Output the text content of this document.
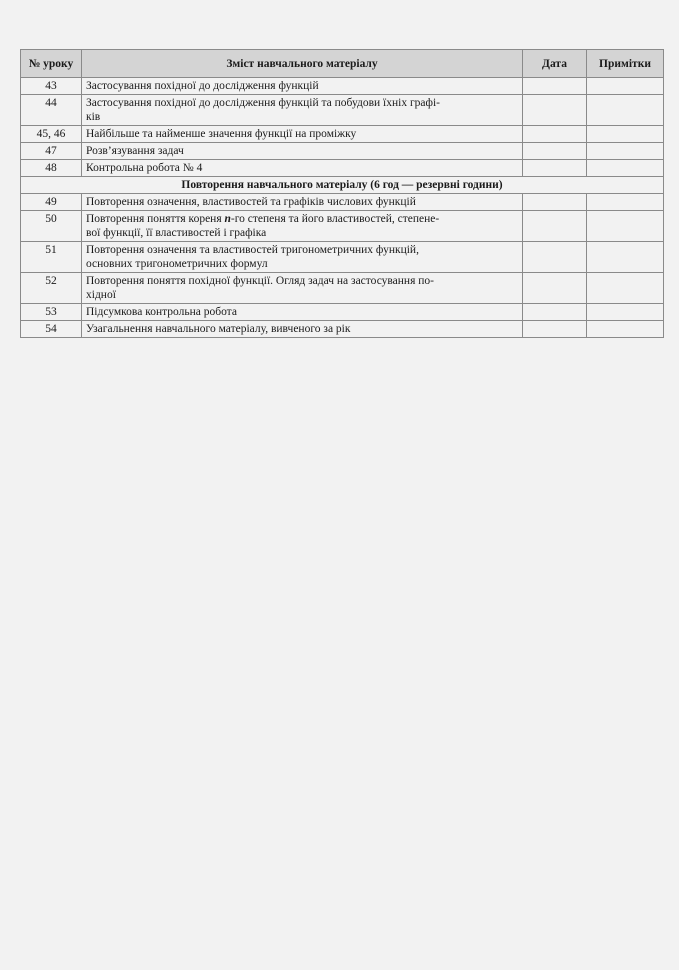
№ уроку	Зміст навчального матеріалу	Дата	Примітки
43	Застосування похідної до дослідження функцій		
44	Застосування похідної до дослідження функцій та побудови їхніх графі-
ків		
45, 46	Найбільше та найменше значення функції на проміжку		
47	Розв’язування задач		
48	Контрольна робота № 4		
Повторення навчального матеріалу (6 год — резервні години)			
49	Повторення означення, властивостей та графіків числових функцій		
50	Повторення поняття кореня n-го степеня та його властивостей, степене-
вої функції, її властивостей і графіка		
51	Повторення означення та властивостей тригонометричних функцій,
основних тригонометричних формул		
52	Повторення поняття похідної функції. Огляд задач на застосування по-
хідної		
53	Підсумкова контрольна робота		
54	Узагальнення навчального матеріалу, вивченого за рік		
